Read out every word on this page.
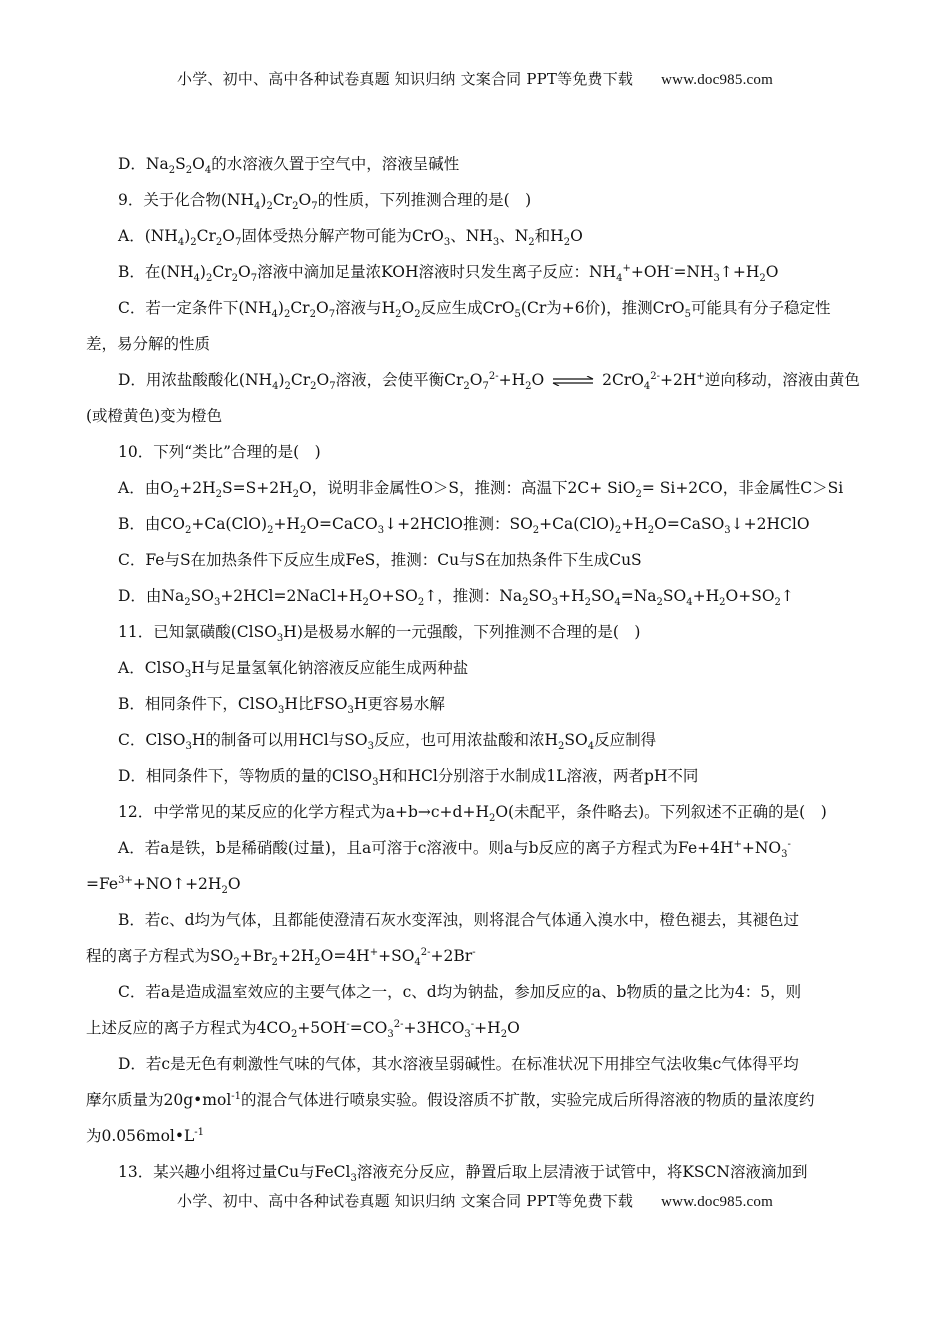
小学、初中、高中各种试卷真题 知识归纳 文案合同 PPT等免费下载 www.doc985.com
D．$Na_2S_2O_4$的水溶液久置于空气中，溶液呈碱性
9．关于化合物$(NH_4)_2Cr_2O_7$的性质，下列推测合理的是(　)
A．$(NH_4)_2Cr_2O_7$固体受热分解产物可能为CrO$_3$、$NH_3$、$N_2$和$H_2O$
B．在$(NH_4)_2Cr_2O_7$溶液中滴加足量浓KOH溶液时只发生离子反应：$NH_4^++OH^-=NH_3↑+H_2O$
C．若一定条件下$(NH_4)_2Cr_2O_7$溶液与$H_2O_2$反应生成CrO$_5$(Cr为+6价)，推测CrO$_5$可能具有分子稳定性
差，易分解的性质
D．用浓盐酸酸化$(NH_4)_2Cr_2O_7$溶液，会使平衡$Cr_2O_7^{2-}+H_2O$ ⇌ 2CrO$_4^{2-}$+2H+逆向移动，溶液由黄色
(或橙黄色)变为橙色
10．下列“类比”合理的是(　)
A．由$O_2+2H_2S=S+2H_2O$，说明非金属性O＞S，推测：高温下2C+ SiO$_2$= Si+2CO，非金属性C＞Si
B．由$CO_2+Ca(ClO)_2+H_2O=CaCO_3↓+2HClO$推测：$SO_2+Ca(ClO)_2+H_2O=CaSO_3↓+2HClO$
C．Fe与S在加热条件下反应生成FeS，推测：Cu与S在加热条件下生成CuS
D．由$Na_2SO_3+2HCl=2NaCl+H_2O+SO_2↑$，推测：$Na_2SO_3+H_2SO_4=Na_2SO_4+H_2O+SO_2↑$
11．已知氯磺酸(ClSO$_3$H)是极易水解的一元强酸，下列推测不合理的是(　)
A．ClSO$_3$H与足量氢氧化钠溶液反应能生成两种盐
B．相同条件下，ClSO$_3$H比$FSO_3H$更容易水解
C．ClSO$_3$H的制备可以用HCl与$SO_3$反应，也可用浓盐酸和浓$H_2SO_4$反应制得
D．相同条件下，等物质的量的ClSO$_3$H和HCl分别溶于水制成1L溶液，两者pH不同
12．中学常见的某反应的化学方程式为$a+b\to c+d+H_2O$(未配平，条件略去)。下列叙述不正确的是(　)
A．若a是铁，b是稀硝酸(过量)，且a可溶于c溶液中。则a与b反应的离子方程式为$Fe+4H^++NO_3^-$
$=Fe^{3+}+NO↑+2H_2O$
B．若c、d均为气体，且都能使澄清石灰水变浑浊，则将混合气体通入溴水中，橙色褪去，其褪色过
程的离子方程式为$SO_2+Br_2+2H_2O=4H^++SO_4^{2-}+2Br^-$
C．若a是造成温室效应的主要气体之一，c、d均为钠盐，参加反应的a、b物质的量之比为4：5，则
上述反应的离子方程式为$4CO_2+5OH^-=CO_3^{2-}+3HCO_3^-+H_2O$
D．若c是无色有刺激性气味的气体，其水溶液呈弱碱性。在标准状况下用排空气法收集c气体得平均
摩尔质量为20g•mol$^{-1}$的混合气体进行喷泉实验。假设溶质不扩散，实验完成后所得溶液的物质的量浓度约
为$0.056mol•L^{-1}$
13．某兴趣小组将过量Cu与FeCl$_3$溶液充分反应，静置后取上层清液于试管中，将KSCN溶液滴加到
小学、初中、高中各种试卷真题 知识归纳 文案合同 PPT等免费下载 www.doc985.com
